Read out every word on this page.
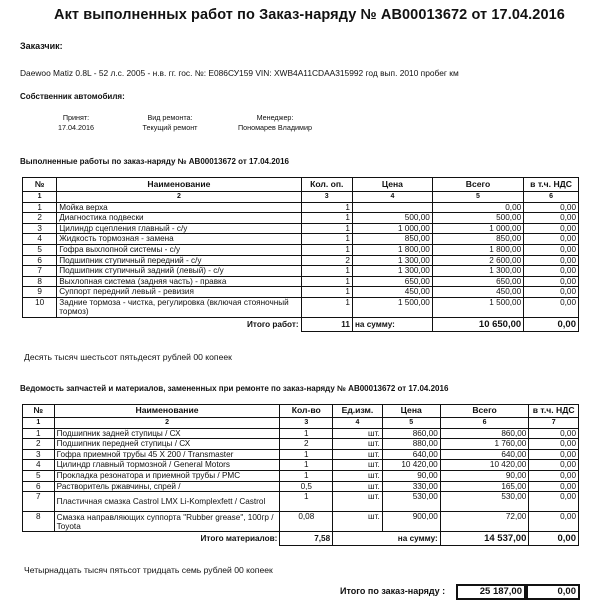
Акт выполненных работ по Заказ-наряду № АВ00013672 от 17.04.2016
Заказчик:
Daewoo Matiz 0.8L - 52 л.с. 2005 - н.в. гг. гос. №: Е086СУ159 VIN: XWB4A11CDAA315992 год вып. 2010 пробег км
Собственник автомобиля:
Принят:
17.04.2016
Вид ремонта:
Текущий ремонт
Менеджер:
Пономарев Владимир
Выполненные работы по заказ-наряду № АВ00013672 от 17.04.2016
№	Наименование	Кол. оп.	Цена	Всего	в т.ч. НДС
1	2	3	4	5	6
1	Мойка верха	1		0,00	0,00
2	Диагностика подвески	1	500,00	500,00	0,00
3	Цилиндр сцепления главный - с/у	1	1 000,00	1 000,00	0,00
4	Жидкость тормозная - замена	1	850,00	850,00	0,00
5	Гофра выхлопной системы - с/у	1	1 800,00	1 800,00	0,00
6	Подшипник ступичный передний - с/у	2	1 300,00	2 600,00	0,00
7	Подшипник ступичный задний (левый) - с/у	1	1 300,00	1 300,00	0,00
8	Выхлопная система (задняя часть) - правка	1	650,00	650,00	0,00
9	Суппорт передний левый - ревизия	1	450,00	450,00	0,00
10	Задние тормоза - чистка, регулировка (включая стояночный тормоз)	1	1 500,00	1 500,00	0,00
Итого работ:		11	на сумму:	10 650,00	0,00
Десять тысяч шестьсот пятьдесят рублей 00 копеек
Ведомость запчастей и материалов, замененных при ремонте по заказ-наряду № АВ00013672 от 17.04.2016
№	Наименование	Кол-во	Ед.изм.	Цена	Всего	в т.ч. НДС
1	2	3	4	5	6	7
1	Подшипник задней ступицы / СХ	1	шт.	860,00	860,00	0,00
2	Подшипник передней ступицы / СХ	2	шт.	880,00	1 760,00	0,00
3	Гофра приемной трубы 45 Х 200 / Transmaster	1	шт.	640,00	640,00	0,00
4	Цилиндр главный тормозной / General Motors	1	шт.	10 420,00	10 420,00	0,00
5	Прокладка резонатора и приемной трубы / PMC	1	шт.	90,00	90,00	0,00
6	Растворитель ржавчины, спрей /	0,5	шт.	330,00	165,00	0,00
7	Пластичная смазка Castrol LMX Li-Komplexfett / Castrol	1	шт.	530,00	530,00	0,00
8	Смазка направляющих суппорта "Rubber grease", 100гр / Toyota	0,08	шт.	900,00	72,00	0,00
Итого материалов:		7,58	на сумму:		14 537,00	0,00
Четырнадцать тысяч пятьсот тридцать семь рублей 00 копеек
Итого по заказ-наряду :	25 187,00	0,00
